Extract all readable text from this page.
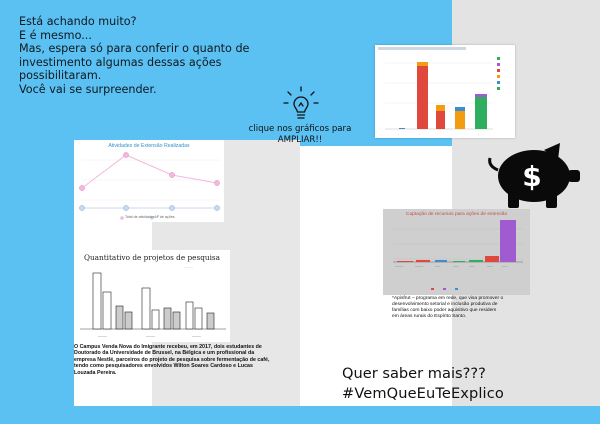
Está achando muito?
E é mesmo...
Mas, espera só para conferir o quanto de
investimento algumas dessas ações
possibilitaram.
Você vai se surpreender.
clique nos gráficos para AMPLIAR!!
Atividades de Extensão Realizadas
Total de atividades Nº de ações
-	-	-	-	-
Quantitativo de projetos de pesquisa
———	———	———
———
O Campus Venda Nova do Imigrante recebeu, em 2017, dois estudantes de Doutorado da Universidade de Brussel, na Bélgica e um profissional da empresa Nestlé, parceiros do projeto de pesquisa sobre fermentação de café, tendo como pesquisadores envolvidos Wilton Soares Cardoso e Lucas Louzada Pereira.
Captação de recursos para ações de extensão
———	———	——	——	——	——	——
*Apisfrut – programa em rede, que visa promover o desenvolvimento setorial e inclusão produtiva de famílias com baixo poder aquisitivo que residem em áreas rurais do Espírito Santo.
$
Quer saber mais???
#VemQueEuTeExplico
